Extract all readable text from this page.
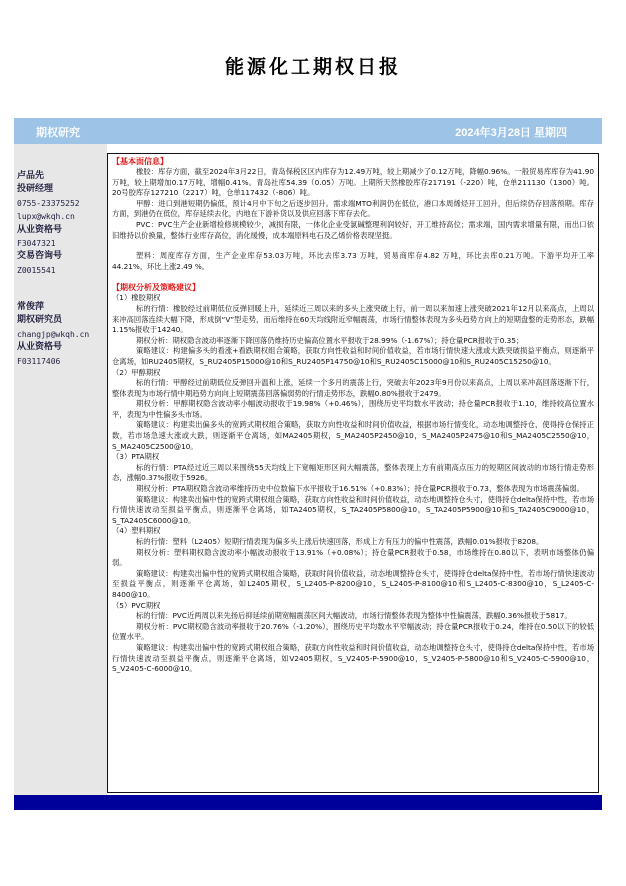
能源化工期权日报
期权研究	2024年3月28日 星期四
卢品先
投研经理
0755-23375252
lupx@wkqh.cn
从业资格号
F3047321
交易咨询号
Z0015541
常俊萍
期权研究员
changjp@wkqh.cn
从业资格号
F03117406
【基本面信息】

橡胶：库存方面，截至2024年3月22日，青岛保税区区内库存为12.49万吨，较上期减少了0.12万吨，降幅0.96%。一般贸易库库存为41.90万吨，较上期增加0.17万吨，增幅0.41%。青岛社库54.39（0.05）万吨。上期所天然橡胶库存217191（-220）吨，仓单211130（1300）吨。20号胶库存127210（2217）吨，仓单117432（-806）吨。

甲醇：进口到港短期仍偏低，预计4月中下旬之后逐步回升。需求端MTO利润仍在低位，港口本周烯烃开工回升，但后续仍存回落预期。库存方面，到港仍在低位，库存延续去化，内地在下游补货以及供应回落下库存去化。

PVC：PVC生产企业新增检修规模较少，减损有限，一体化企业受氯碱整理利润较好，开工维持高位；需求端，国内需求增量有限，而出口依旧维持以价换量，整体行业库存高位，消化缓慢，成本端原料电石及乙烯价格表现坚挺。

塑料：周度库存方面，生产企业库存53.03万吨，环比去库3.73 万吨，贸易商库存4.82 万吨，环比去库0.21万吨。下游平均开工率44.21%，环比上涨2.49 %。

【期权分析及策略建议】

（1）橡胶期权

标的行情：橡胶经过前期低位反弹回暖上升，延续近三周以来的多头上涨突破上行，前一周以来加速上涨突破2021年12月以来高点，上周以来冲高回落连续大幅下降，形成倒“V”型走势，而后维持在60天均线附近窄幅震荡，市场行情整体表现为多头趋势方向上的短期盘整的走势形态，跌幅1.15%报收于14240。

期权分析：期权隐含波动率逐渐下降回落仍维持历史偏高位置水平报收于28.99%（-1.67%）；持仓量PCR报收于0.35；

策略建议：构建偏多头的看涨+看跌期权组合策略，获取方向性收益和时间价值收益，若市场行情快速大涨或大跌突破损益平衡点，则逐渐平仓离场，如RU2405期权，S_RU2405P15000@10和S_RU2405P14750@10和S_RU2405C15000@10和S_RU2405C15250@10。

（2）甲醇期权

标的行情：甲醇经过前期低位反弹回升温和上涨，延续一个多月的震荡上行，突破去年2023年9月份以来高点，上周以来冲高回落逐渐下行，整体表现为市场行情中期趋势方向向上短期震荡回落偏弱势的行情走势形态，跌幅0.80%报收于2479。

期权分析：甲醇期权隐含波动率小幅波动报收于19.98%（+0.46%），围绕历史平均数水平波动；持仓量PCR报收于1.10，维持较高位置水平，表现为中性偏多头市场。

策略建议：构建卖出偏多头的宽跨式期权组合策略，获取方向性收益和时间价值收益，根据市场行情变化，动态地调整持仓，使得持仓保持正数，若市场急速大涨或大跌，则逐渐平仓离场，如MA2405期权，S_MA2405P2450@10，S_MA2405P2475@10和S_MA2405C2550@10，S_MA2405C2500@10。

（3）PTA期权

标的行情：PTA经过近三周以来围绕55天均线上下宽幅矩形区间大幅震荡，整体表现上方有前期高点压力的短期区间波动的市场行情走势形态，涨幅0.37%报收于5926。

期权分析：PTA期权隐含波动率维持历史中位数偏下水平报收于16.51%（+0.83%）；持仓量PCR报收于0.73，整体表现为市场震荡偏弱。

策略建议：构建卖出偏中性的宽跨式期权组合策略，获取方向性收益和时间价值收益，动态地调整持仓头寸，使得持仓delta保持中性，若市场行情快速波动至损益平衡点，则逐渐平仓离场，如TA2405期权，S_TA2405P5800@10，S_TA2405P5900@10和S_TA2405C9000@10，S_TA2405C6000@10。

（4）塑料期权

标的行情：塑料（L2405）短期行情表现为偏多头上涨后快速回落，形成上方有压力的偏中性震荡，跌幅0.01%报收于8208。

期权分析：塑料期权隐含波动率小幅波动报收于13.91%（+0.08%）；持仓量PCR报收于0.58，市场维持在0.80以下，表明市场整体仍偏弱。

策略建议：构建卖出偏中性的宽跨式期权组合策略，获取时间价值收益，动态地调整持仓头寸，使得持仓delta保持中性，若市场行情快速波动至损益平衡点，则逐渐平仓离场，如L2405期权，S_L2405-P-8200@10，S_L2405-P-8100@10和S_L2405-C-8300@10，S_L2405-C-8400@10。

（5）PVC期权

标的行情：PVC近两周以来先扬后抑延续前期宽幅震荡区间大幅波动，市场行情整体表现为整体中性偏震荡，跌幅0.36%报收于5817。

期权分析：PVC期权隐含波动率报收于20.76%（-1.20%），围绕历史平均数水平窄幅波动；持仓量PCR报收于0.24，维持在0.50以下的较低位置水平。

策略建议：构建卖出偏中性的宽跨式期权组合策略，获取方向性收益和时间价值收益，动态地调整持仓头寸，使得持仓delta保持中性，若市场行情快速波动至损益平衡点，则逐渐平仓离场，如V2405期权，S_V2405-P-5900@10，S_V2405-P-5800@10和S_V2405-C-5900@10，S_V2405-C-6000@10。
